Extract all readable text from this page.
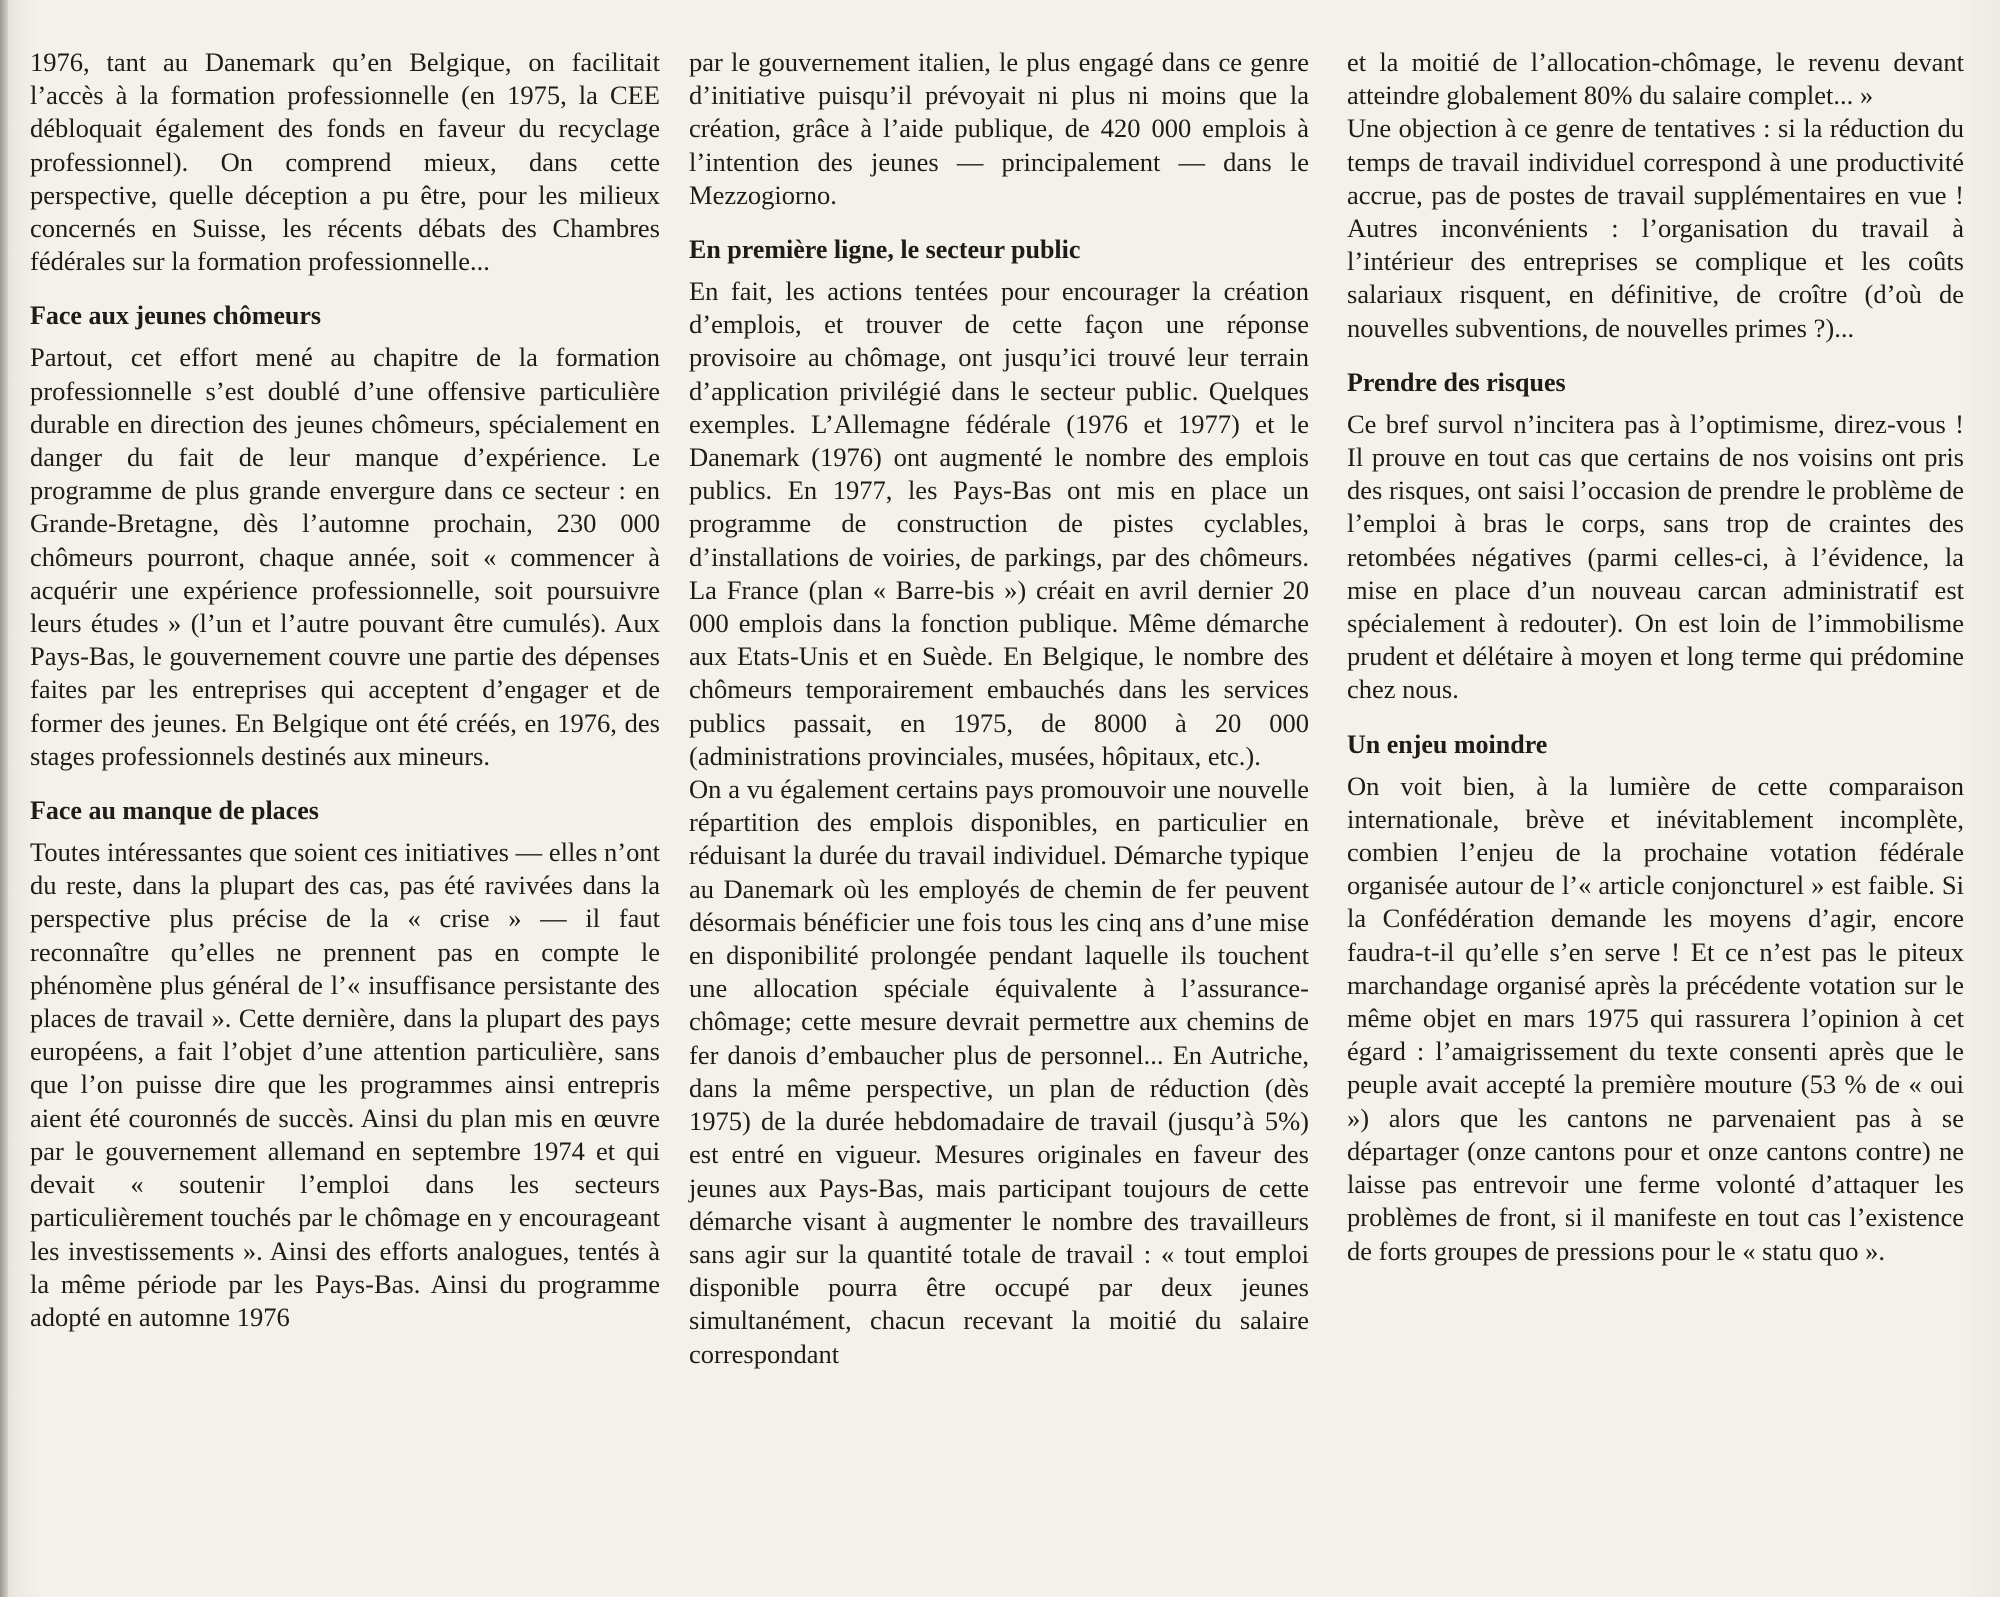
1976, tant au Danemark qu’en Belgique, on facilitait l’accès à la formation professionnelle (en 1975, la CEE débloquait également des fonds en faveur du recyclage professionnel). On comprend mieux, dans cette perspective, quelle déception a pu être, pour les milieux concernés en Suisse, les récents débats des Chambres fédérales sur la formation professionnelle...

Face aux jeunes chômeurs

Partout, cet effort mené au chapitre de la formation professionnelle s’est doublé d’une offensive particulière durable en direction des jeunes chômeurs, spécialement en danger du fait de leur manque d’expérience. Le programme de plus grande envergure dans ce secteur : en Grande-Bretagne, dès l’automne prochain, 230 000 chômeurs pourront, chaque année, soit « commencer à acquérir une expérience professionnelle, soit poursuivre leurs études » (l’un et l’autre pouvant être cumulés). Aux Pays-Bas, le gouvernement couvre une partie des dépenses faites par les entreprises qui acceptent d’engager et de former des jeunes. En Belgique ont été créés, en 1976, des stages professionnels destinés aux mineurs.

Face au manque de places

Toutes intéressantes que soient ces initiatives — elles n’ont du reste, dans la plupart des cas, pas été ravivées dans la perspective plus précise de la « crise » — il faut reconnaître qu’elles ne prennent pas en compte le phénomène plus général de l’« insuffisance persistante des places de travail ». Cette dernière, dans la plupart des pays européens, a fait l’objet d’une attention particulière, sans que l’on puisse dire que les programmes ainsi entrepris aient été couronnés de succès. Ainsi du plan mis en œuvre par le gouvernement allemand en septembre 1974 et qui devait « soutenir l’emploi dans les secteurs particulièrement touchés par le chômage en y encourageant les investissements ». Ainsi des efforts analogues, tentés à la même période par les Pays-Bas. Ainsi du programme adopté en automne 1976

par le gouvernement italien, le plus engagé dans ce genre d’initiative puisqu’il prévoyait ni plus ni moins que la création, grâce à l’aide publique, de 420 000 emplois à l’intention des jeunes — principalement — dans le Mezzogiorno.

En première ligne, le secteur public

En fait, les actions tentées pour encourager la création d’emplois, et trouver de cette façon une réponse provisoire au chômage, ont jusqu’ici trouvé leur terrain d’application privilégié dans le secteur public. Quelques exemples. L’Allemagne fédérale (1976 et 1977) et le Danemark (1976) ont augmenté le nombre des emplois publics. En 1977, les Pays-Bas ont mis en place un programme de construction de pistes cyclables, d’installations de voiries, de parkings, par des chômeurs. La France (plan « Barre-bis ») créait en avril dernier 20 000 emplois dans la fonction publique. Même démarche aux Etats-Unis et en Suède. En Belgique, le nombre des chômeurs temporairement embauchés dans les services publics passait, en 1975, de 8000 à 20 000 (administrations provinciales, musées, hôpitaux, etc.).

On a vu également certains pays promouvoir une nouvelle répartition des emplois disponibles, en particulier en réduisant la durée du travail individuel. Démarche typique au Danemark où les employés de chemin de fer peuvent désormais bénéficier une fois tous les cinq ans d’une mise en disponibilité prolongée pendant laquelle ils touchent une allocation spéciale équivalente à l’assurance-chômage; cette mesure devrait permettre aux chemins de fer danois d’embaucher plus de personnel... En Autriche, dans la même perspective, un plan de réduction (dès 1975) de la durée hebdomadaire de travail (jusqu’à 5%) est entré en vigueur. Mesures originales en faveur des jeunes aux Pays-Bas, mais participant toujours de cette démarche visant à augmenter le nombre des travailleurs sans agir sur la quantité totale de travail : « tout emploi disponible pourra être occupé par deux jeunes simultanément, chacun recevant la moitié du salaire correspondant

et la moitié de l’allocation-chômage, le revenu devant atteindre globalement 80% du salaire complet... »

Une objection à ce genre de tentatives : si la réduction du temps de travail individuel correspond à une productivité accrue, pas de postes de travail supplémentaires en vue ! Autres inconvénients : l’organisation du travail à l’intérieur des entreprises se complique et les coûts salariaux risquent, en définitive, de croître (d’où de nouvelles subventions, de nouvelles primes ?)...

Prendre des risques

Ce bref survol n’incitera pas à l’optimisme, direz-vous ! Il prouve en tout cas que certains de nos voisins ont pris des risques, ont saisi l’occasion de prendre le problème de l’emploi à bras le corps, sans trop de craintes des retombées négatives (parmi celles-ci, à l’évidence, la mise en place d’un nouveau carcan administratif est spécialement à redouter). On est loin de l’immobilisme prudent et délétaire à moyen et long terme qui prédomine chez nous.

Un enjeu moindre

On voit bien, à la lumière de cette comparaison internationale, brève et inévitablement incomplète, combien l’enjeu de la prochaine votation fédérale organisée autour de l’« article conjoncturel » est faible. Si la Confédération demande les moyens d’agir, encore faudra-t-il qu’elle s’en serve ! Et ce n’est pas le piteux marchandage organisé après la précédente votation sur le même objet en mars 1975 qui rassurera l’opinion à cet égard : l’amaigrissement du texte consenti après que le peuple avait accepté la première mouture (53 % de « oui ») alors que les cantons ne parvenaient pas à se départager (onze cantons pour et onze cantons contre) ne laisse pas entrevoir une ferme volonté d’attaquer les problèmes de front, si il manifeste en tout cas l’existence de forts groupes de pressions pour le « statu quo ».
